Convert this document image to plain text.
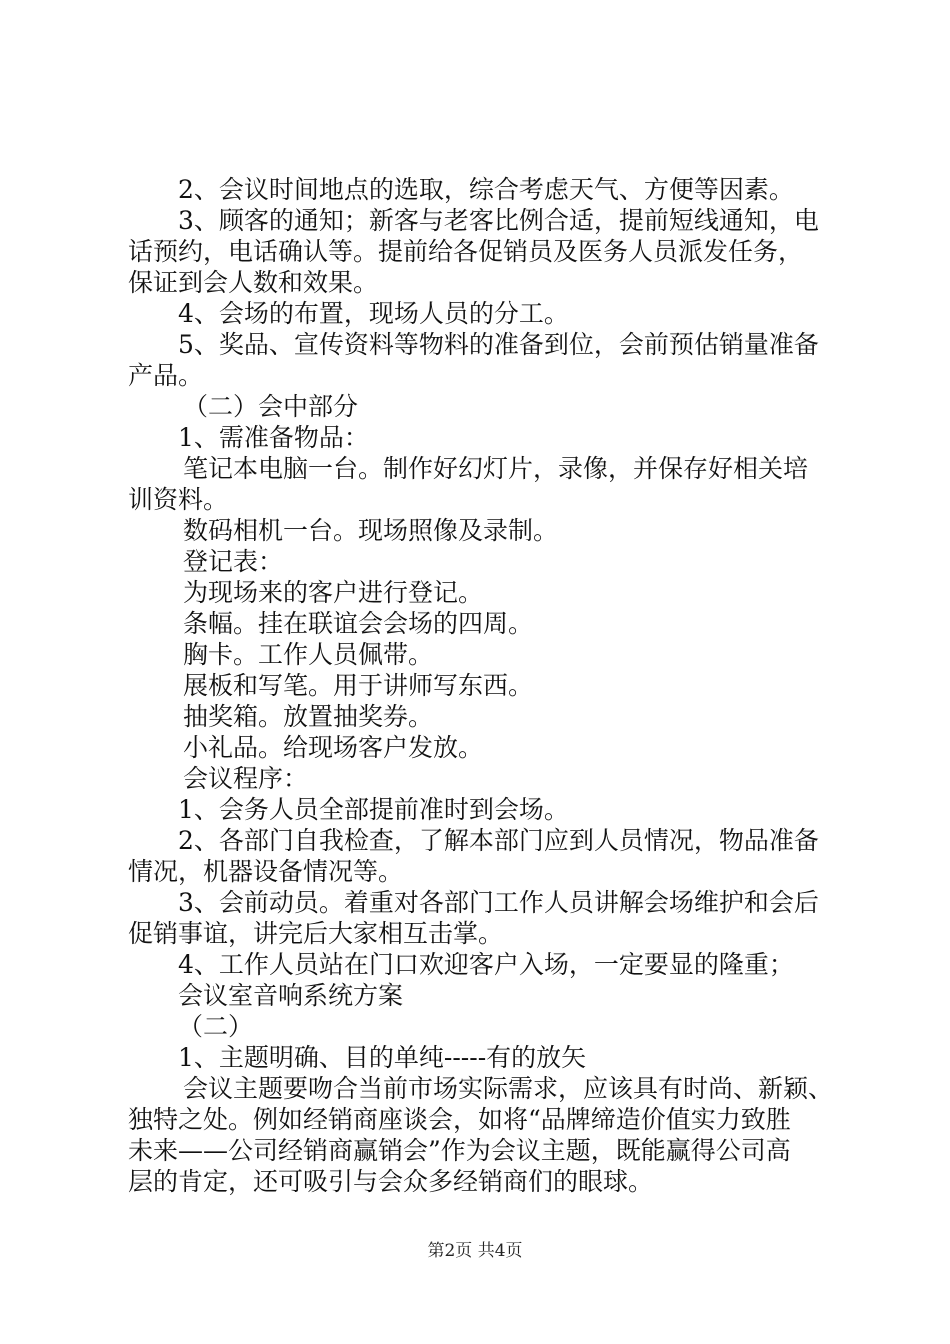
2、会议时间地点的选取，综合考虑天气、方便等因素。
3、顾客的通知；新客与老客比例合适，提前短线通知，电
话预约，电话确认等。提前给各促销员及医务人员派发任务，
保证到会人数和效果。
4、会场的布置，现场人员的分工。
5、奖品、宣传资料等物料的准备到位，会前预估销量准备
产品。
（二）会中部分
1、需准备物品：
笔记本电脑一台。制作好幻灯片，录像，并保存好相关培
训资料。
数码相机一台。现场照像及录制。
登记表：
为现场来的客户进行登记。
条幅。挂在联谊会会场的四周。
胸卡。工作人员佩带。
展板和写笔。用于讲师写东西。
抽奖箱。放置抽奖券。
小礼品。给现场客户发放。
会议程序：
1、会务人员全部提前准时到会场。
2、各部门自我检查，了解本部门应到人员情况，物品准备
情况，机器设备情况等。
3、会前动员。着重对各部门工作人员讲解会场维护和会后
促销事谊，讲完后大家相互击掌。
4、工作人员站在门口欢迎客户入场，一定要显的隆重；
会议室音响系统方案
（二）
1、主题明确、目的单纯-----有的放矢
会议主题要吻合当前市场实际需求，应该具有时尚、新颖、
独特之处。例如经销商座谈会，如将“品牌缔造价值实力致胜
未来——公司经销商赢销会”作为会议主题，既能赢得公司高
层的肯定，还可吸引与会众多经销商们的眼球。
第2页 共4页
